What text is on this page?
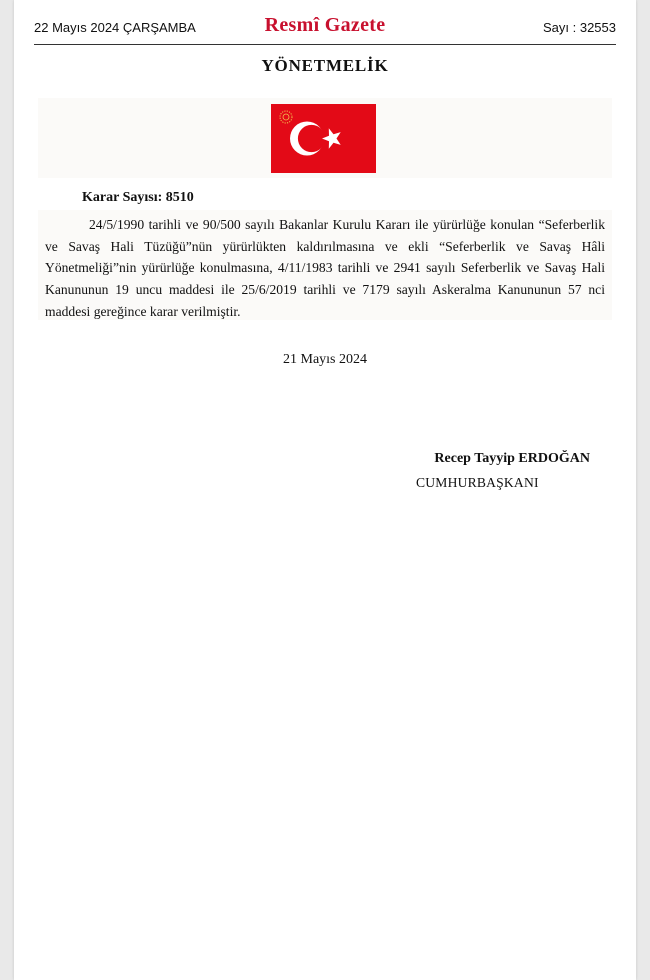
22 Mayıs 2024 ÇARŞAMBA	Resmî Gazete	Sayı : 32553
YÖNETMELİK
Karar Sayısı: 8510
24/5/1990 tarihli ve 90/500 sayılı Bakanlar Kurulu Kararı ile yürürlüğe konulan “Seferberlik ve Savaş Hali Tüzüğü”nün yürürlükten kaldırılmasına ve ekli “Seferberlik ve Savaş Hâli Yönetmeliği”nin yürürlüğe konulmasına, 4/11/1983 tarihli ve 2941 sayılı Seferberlik ve Savaş Hali Kanununun 19 uncu maddesi ile 25/6/2019 tarihli ve 7179 sayılı Askeralma Kanununun 57 nci maddesi gereğince karar verilmiştir.
21 Mayıs 2024
Recep Tayyip ERDOĞAN
CUMHURBAŞKANI
